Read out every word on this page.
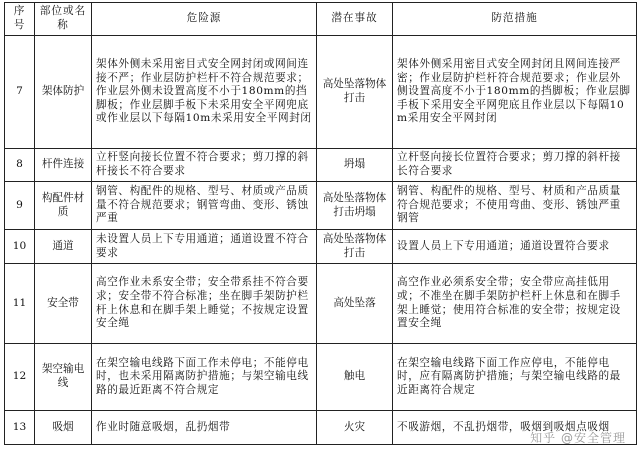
序号	部位或名称	危险源	潜在事故	防范措施
7	架体防护	架体外侧未采用密目式安全网封闭或网间连接不严；作业层防护栏杆不符合规范要求；作业层外侧未设置高度不小于180mm的挡脚板；作业层脚手板下未采用安全平网兜底或作业层以下每隔10m未采用安全平网封闭	高处坠落物体打击	架体外侧采用密目式安全网封闭且网间连接严密；作业层防护栏杆符合规范要求；作业层外侧设置高度不小于180mm的挡脚板；作业层脚手板下采用安全平网兜底且作业层以下每隔10m采用安全平网封闭
8	杆件连接	立杆竖向接长位置不符合要求；剪刀撑的斜杆接长不符合要求	坍塌	立杆竖向接长位置符合要求；剪刀撑的斜杆接长符合要求
9	构配件材质	钢管、构配件的规格、型号、材质或产品质量不符合规范要求；钢管弯曲、变形、锈蚀严重	高处坠落物体打击坍塌	钢管、构配件的规格、型号、材质和产品质量符合规范要求；不使用弯曲、变形、锈蚀严重钢管
10	通道	未设置人员上下专用通道；通道设置不符合要求	高处坠落物体打击	设置人员上下专用通道；通道设置符合要求
11	安全带	高空作业未系安全带；安全带系挂不符合要求；安全带不符合标准；坐在脚手架防护栏杆上休息和在脚手架上睡觉；不按规定设置安全绳	高处坠落	高空作业必须系安全带；安全带应高挂低用或；不准坐在脚手架防护栏杆上休息和在脚手架上睡觉；使用符合标准的安全带；按规定设置安全绳
12	架空输电线	在架空输电线路下面工作未停电；不能停电时，也未采用隔离防护措施；与架空输电线路的最近距离不符合规定	触电	在架空输电线路下面工作应停电，不能停电时，应有隔离防护措施；与架空输电线路的最近距离符合规定
13	吸烟	作业时随意吸烟，乱扔烟带	火灾	不吸游烟，不乱扔烟带，吸烟到吸烟点吸烟
知乎 @安全管理
